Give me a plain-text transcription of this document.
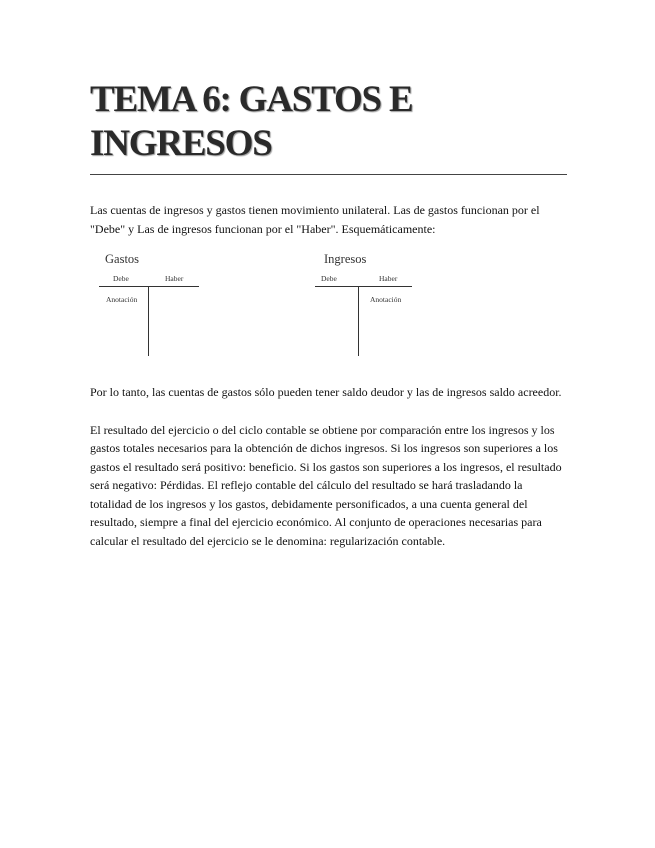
TEMA 6: GASTOS E INGRESOS

Las cuentas de ingresos y gastos tienen movimiento unilateral. Las de gastos funcionan por el "Debe" y Las de ingresos funcionan por el "Haber". Esquemáticamente:

Por lo tanto, las cuentas de gastos sólo pueden tener saldo deudor y las de ingresos saldo acreedor.

El resultado del ejercicio o del ciclo contable se obtiene por comparación entre los ingresos y los gastos totales necesarios para la obtención de dichos ingresos. Si los ingresos son superiores a los gastos el resultado será positivo: beneficio. Si los gastos son superiores a los ingresos, el resultado será negativo: Pérdidas. El reflejo contable del cálculo del resultado se hará trasladando la totalidad de los ingresos y los gastos, debidamente personificados, a una cuenta general del resultado, siempre a final del ejercicio económico. Al conjunto de operaciones necesarias para calcular el resultado del ejercicio se le denomina: regularización contable.

Gastos
Debe	Haber
Anotación
Ingresos
Debe	Haber
Anotación
